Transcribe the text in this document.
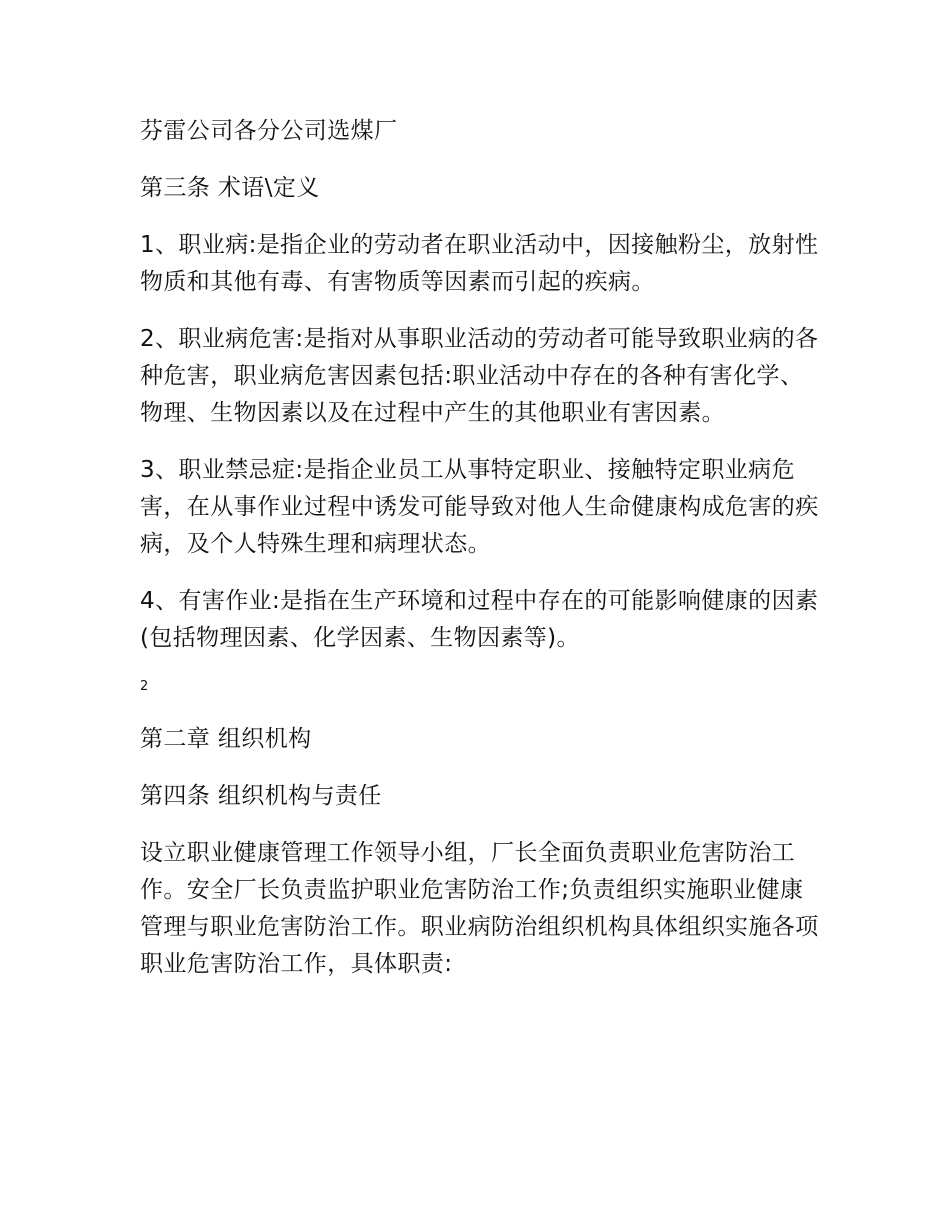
芬雷公司各分公司选煤厂

第三条 术语\定义

1、职业病:是指企业的劳动者在职业活动中，因接触粉尘，放射性物质和其他有毒、有害物质等因素而引起的疾病。

2、职业病危害:是指对从事职业活动的劳动者可能导致职业病的各种危害，职业病危害因素包括:职业活动中存在的各种有害化学、物理、生物因素以及在过程中产生的其他职业有害因素。

3、职业禁忌症:是指企业员工从事特定职业、接触特定职业病危害，在从事作业过程中诱发可能导致对他人生命健康构成危害的疾病，及个人特殊生理和病理状态。

4、有害作业:是指在生产环境和过程中存在的可能影响健康的因素(包括物理因素、化学因素、生物因素等)。

2

第二章 组织机构

第四条 组织机构与责任

设立职业健康管理工作领导小组，厂长全面负责职业危害防治工作。安全厂长负责监护职业危害防治工作;负责组织实施职业健康管理与职业危害防治工作。职业病防治组织机构具体组织实施各项职业危害防治工作，具体职责:
